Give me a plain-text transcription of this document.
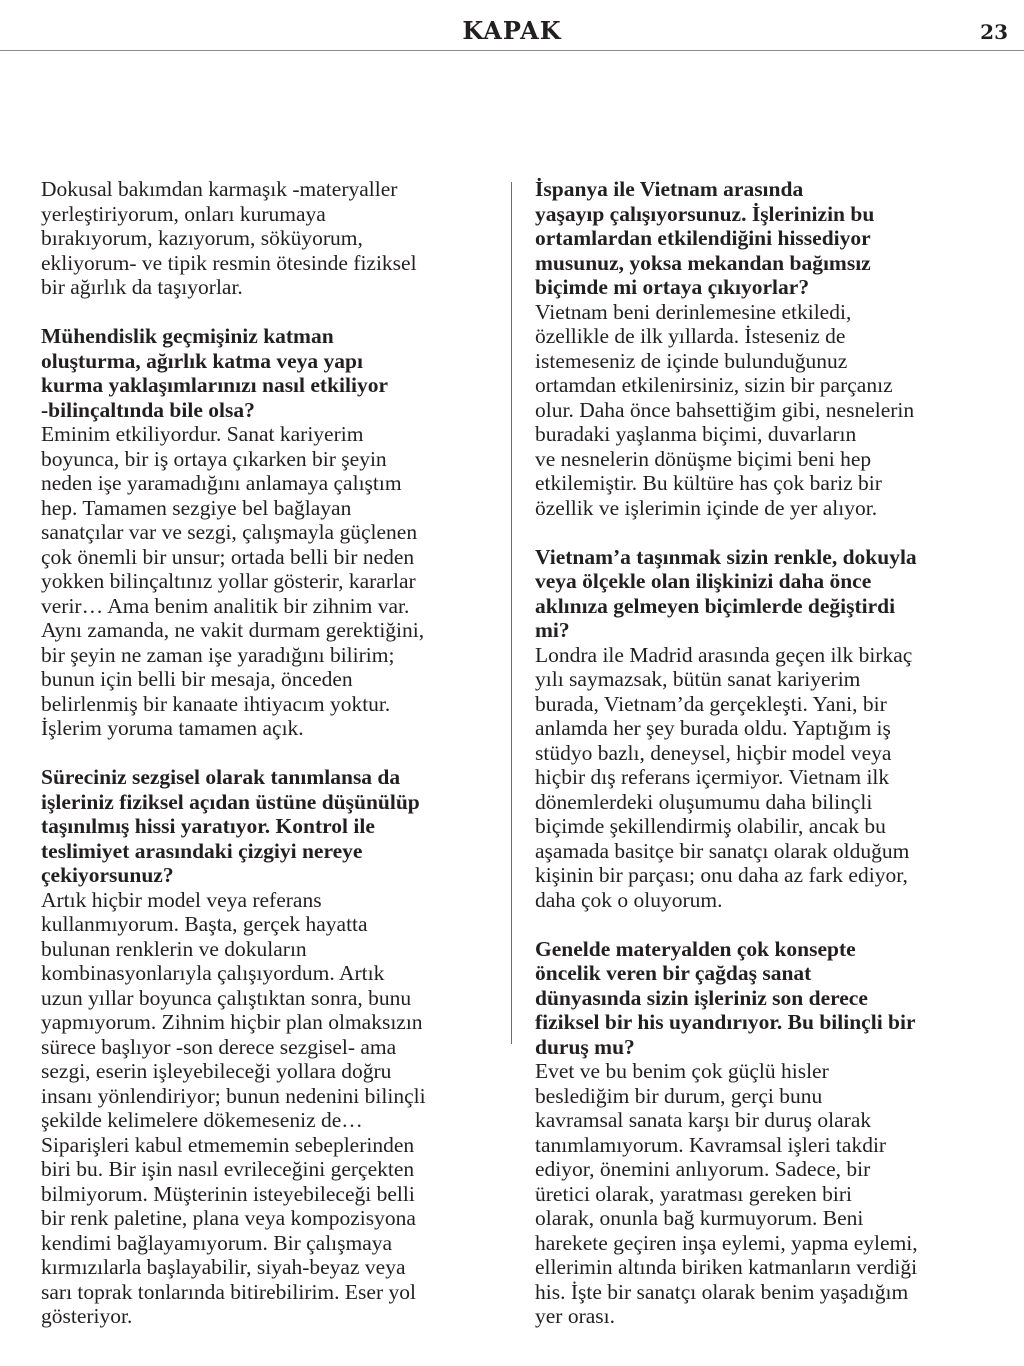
KAPAK	23
Dokusal bakımdan karmaşık -materyaller
yerleştiriyorum, onları kurumaya
bırakıyorum, kazıyorum, söküyorum,
ekliyorum- ve tipik resmin ötesinde fiziksel
bir ağırlık da taşıyorlar.
Mühendislik geçmişiniz katman
oluşturma, ağırlık katma veya yapı
kurma yaklaşımlarınızı nasıl etkiliyor
-bilinçaltında bile olsa?
Eminim etkiliyordur. Sanat kariyerim
boyunca, bir iş ortaya çıkarken bir şeyin
neden işe yaramadığını anlamaya çalıştım
hep. Tamamen sezgiye bel bağlayan
sanatçılar var ve sezgi, çalışmayla güçlenen
çok önemli bir unsur; ortada belli bir neden
yokken bilinçaltınız yollar gösterir, kararlar
verir… Ama benim analitik bir zihnim var.
Aynı zamanda, ne vakit durmam gerektiğini,
bir şeyin ne zaman işe yaradığını bilirim;
bunun için belli bir mesaja, önceden
belirlenmiş bir kanaate ihtiyacım yoktur.
İşlerim yoruma tamamen açık.
Süreciniz sezgisel olarak tanımlansa da
işleriniz fiziksel açıdan üstüne düşünülüp
taşınılmış hissi yaratıyor. Kontrol ile
teslimiyet arasındaki çizgiyi nereye
çekiyorsunuz?
Artık hiçbir model veya referans
kullanmıyorum. Başta, gerçek hayatta
bulunan renklerin ve dokuların
kombinasyonlarıyla çalışıyordum. Artık
uzun yıllar boyunca çalıştıktan sonra, bunu
yapmıyorum. Zihnim hiçbir plan olmaksızın
sürece başlıyor -son derece sezgisel- ama
sezgi, eserin işleyebileceği yollara doğru
insanı yönlendiriyor; bunun nedenini bilinçli
şekilde kelimelere dökemeseniz de…
Siparişleri kabul etmememin sebeplerinden
biri bu. Bir işin nasıl evrileceğini gerçekten
bilmiyorum. Müşterinin isteyebileceği belli
bir renk paletine, plana veya kompozisyona
kendimi bağlayamıyorum. Bir çalışmaya
kırmızılarla başlayabilir, siyah-beyaz veya
sarı toprak tonlarında bitirebilirim. Eser yol
gösteriyor.
İspanya ile Vietnam arasında
yaşayıp çalışıyorsunuz. İşlerinizin bu
ortamlardan etkilendiğini hissediyor
musunuz, yoksa mekandan bağımsız
biçimde mi ortaya çıkıyorlar?
Vietnam beni derinlemesine etkiledi,
özellikle de ilk yıllarda. İsteseniz de
istemeseniz de içinde bulunduğunuz
ortamdan etkilenirsiniz, sizin bir parçanız
olur. Daha önce bahsettiğim gibi, nesnelerin
buradaki yaşlanma biçimi, duvarların
ve nesnelerin dönüşme biçimi beni hep
etkilemiştir. Bu kültüre has çok bariz bir
özellik ve işlerimin içinde de yer alıyor.
Vietnam’a taşınmak sizin renkle, dokuyla
veya ölçekle olan ilişkinizi daha önce
aklınıza gelmeyen biçimlerde değiştirdi
mi?
Londra ile Madrid arasında geçen ilk birkaç
yılı saymazsak, bütün sanat kariyerim
burada, Vietnam’da gerçekleşti. Yani, bir
anlamda her şey burada oldu. Yaptığım iş
stüdyo bazlı, deneysel, hiçbir model veya
hiçbir dış referans içermiyor. Vietnam ilk
dönemlerdeki oluşumumu daha bilinçli
biçimde şekillendirmiş olabilir, ancak bu
aşamada basitçe bir sanatçı olarak olduğum
kişinin bir parçası; onu daha az fark ediyor,
daha çok o oluyorum.
Genelde materyalden çok konsepte
öncelik veren bir çağdaş sanat
dünyasında sizin işleriniz son derece
fiziksel bir his uyandırıyor. Bu bilinçli bir
duruş mu?
Evet ve bu benim çok güçlü hisler
beslediğim bir durum, gerçi bunu
kavramsal sanata karşı bir duruş olarak
tanımlamıyorum. Kavramsal işleri takdir
ediyor, önemini anlıyorum. Sadece, bir
üretici olarak, yaratması gereken biri
olarak, onunla bağ kurmuyorum. Beni
harekete geçiren inşa eylemi, yapma eylemi,
ellerimin altında biriken katmanların verdiği
his. İşte bir sanatçı olarak benim yaşadığım
yer orası.
